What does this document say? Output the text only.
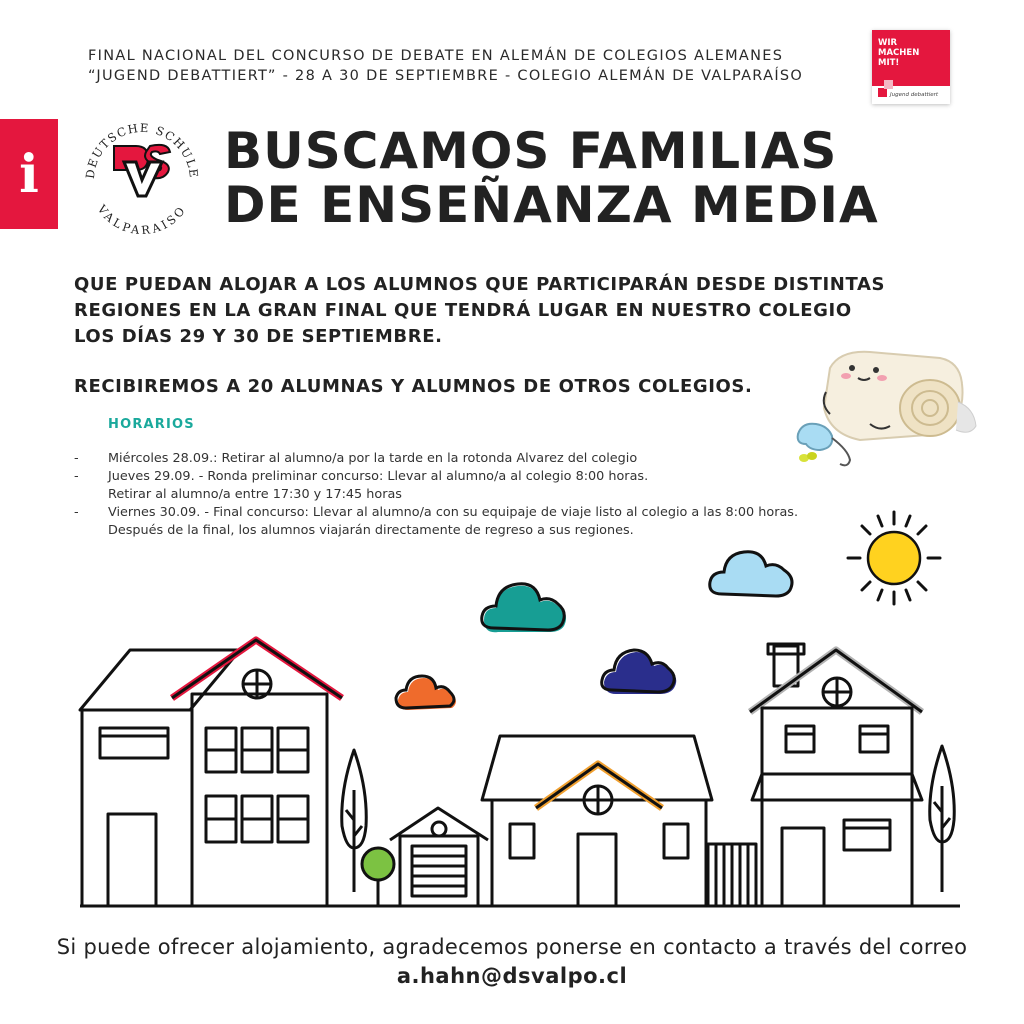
FINAL NACIONAL DEL CONCURSO DE DEBATE EN ALEMÁN DE COLEGIOS ALEMANES
“JUGEND DEBATTIERT” - 28 A 30 DE SEPTIEMBRE - COLEGIO ALEMÁN DE VALPARAÍSO
WIR
MACHEN
MIT!
Jugend debattiert
i	DEUTSCHE SCHULE
VALPARAISO
BUSCAMOS FAMILIAS
DE ENSEÑANZA MEDIA
QUE PUEDAN ALOJAR A LOS ALUMNOS QUE PARTICIPARÁN DESDE DISTINTAS
REGIONES EN LA GRAN FINAL QUE TENDRÁ LUGAR EN NUESTRO COLEGIO
LOS DÍAS 29 Y 30 DE SEPTIEMBRE.
RECIBIREMOS A 20 ALUMNAS Y ALUMNOS DE OTROS COLEGIOS.
HORARIOS
- Miércoles 28.09.: Retirar al alumno/a por la tarde en la rotonda Alvarez del colegio
- Jueves 29.09. - Ronda preliminar concurso: Llevar al alumno/a al colegio 8:00 horas.
Retirar al alumno/a entre 17:30 y 17:45 horas
- Viernes 30.09. - Final concurso: Llevar al alumno/a con su equipaje de viaje listo al colegio a las 8:00 horas.
Después de la final, los alumnos viajarán directamente de regreso a sus regiones.
Si puede ofrecer alojamiento, agradecemos ponerse en contacto a través del correo
a.hahn@dsvalpo.cl
